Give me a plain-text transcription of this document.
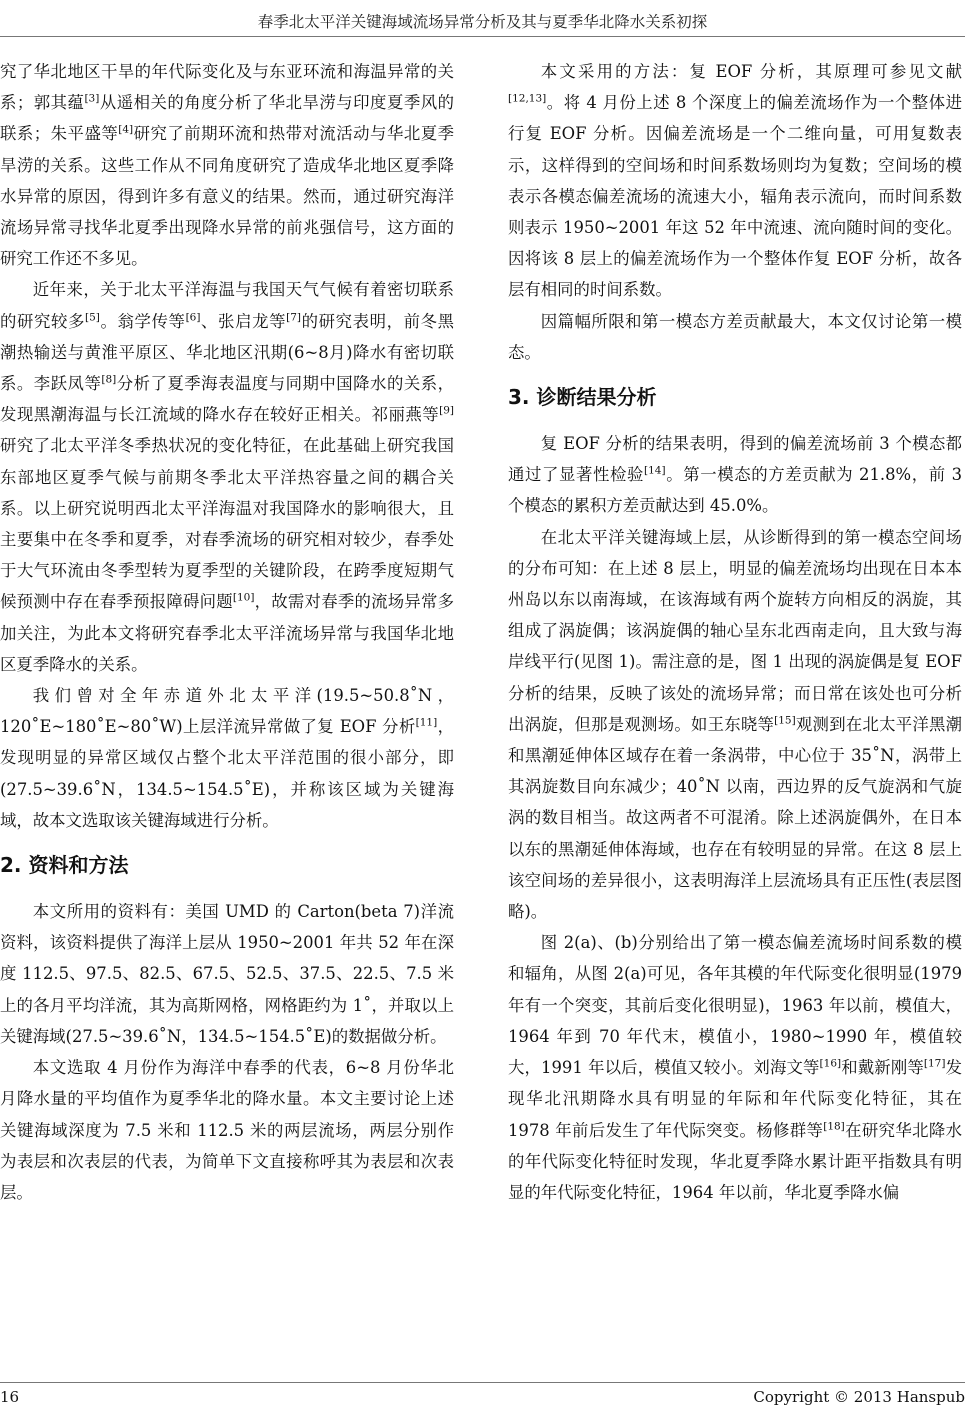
春季北太平洋关键海域流场异常分析及其与夏季华北降水关系初探

究了华北地区干旱的年代际变化及与东亚环流和海温异常的关系；郭其蕴[3]从遥相关的角度分析了华北旱涝与印度夏季风的联系；朱平盛等[4]研究了前期环流和热带对流活动与华北夏季旱涝的关系。这些工作从不同角度研究了造成华北地区夏季降水异常的原因，得到许多有意义的结果。然而，通过研究海洋流场异常寻找华北夏季出现降水异常的前兆强信号，这方面的研究工作还不多见。

近年来，关于北太平洋海温与我国天气气候有着密切联系的研究较多[5]。翁学传等[6]、张启龙等[7]的研究表明，前冬黑潮热输送与黄淮平原区、华北地区汛期(6~8月)降水有密切联系。李跃凤等[8]分析了夏季海表温度与同期中国降水的关系，发现黑潮海温与长江流域的降水存在较好正相关。祁丽燕等[9]研究了北太平洋冬季热状况的变化特征，在此基础上研究我国东部地区夏季气候与前期冬季北太平洋热容量之间的耦合关系。以上研究说明西北太平洋海温对我国降水的影响很大，且主要集中在冬季和夏季，对春季流场的研究相对较少，春季处于大气环流由冬季型转为夏季型的关键阶段，在跨季度短期气候预测中存在春季预报障碍问题[10]，故需对春季的流场异常多加关注，为此本文将研究春季北太平洋流场异常与我国华北地区夏季降水的关系。

我们曾对全年赤道外北太平洋(19.5~50.8˚N，120˚E~180˚E~80˚W)上层洋流异常做了复 EOF 分析[11]，发现明显的异常区域仅占整个北太平洋范围的很小部分，即(27.5~39.6˚N，134.5~154.5˚E)，并称该区域为关键海域，故本文选取该关键海域进行分析。

2. 资料和方法

本文所用的资料有：美国 UMD 的 Carton(beta 7)洋流资料，该资料提供了海洋上层从 1950~2001 年共 52 年在深度 112.5、97.5、82.5、67.5、52.5、37.5、22.5、7.5 米上的各月平均洋流，其为高斯网格，网格距约为 1˚，并取以上关键海域(27.5~39.6˚N，134.5~154.5˚E)的数据做分析。

本文选取 4 月份作为海洋中春季的代表，6~8 月份华北月降水量的平均值作为夏季华北的降水量。本文主要讨论上述关键海域深度为 7.5 米和 112.5 米的两层流场，两层分别作为表层和次表层的代表，为简单下文直接称呼其为表层和次表层。

本文采用的方法：复 EOF 分析，其原理可参见文献[12,13]。将 4 月份上述 8 个深度上的偏差流场作为一个整体进行复 EOF 分析。因偏差流场是一个二维向量，可用复数表示，这样得到的空间场和时间系数场则均为复数；空间场的模表示各模态偏差流场的流速大小，辐角表示流向，而时间系数则表示 1950~2001 年这 52 年中流速、流向随时间的变化。因将该 8 层上的偏差流场作为一个整体作复 EOF 分析，故各层有相同的时间系数。

因篇幅所限和第一模态方差贡献最大，本文仅讨论第一模态。

3. 诊断结果分析

复 EOF 分析的结果表明，得到的偏差流场前 3 个模态都通过了显著性检验[14]。第一模态的方差贡献为 21.8%，前 3 个模态的累积方差贡献达到 45.0%。

在北太平洋关键海域上层，从诊断得到的第一模态空间场的分布可知：在上述 8 层上，明显的偏差流场均出现在日本本州岛以东以南海域，在该海域有两个旋转方向相反的涡旋，其组成了涡旋偶；该涡旋偶的轴心呈东北西南走向，且大致与海岸线平行(见图 1)。需注意的是，图 1 出现的涡旋偶是复 EOF 分析的结果，反映了该处的流场异常；而日常在该处也可分析出涡旋，但那是观测场。如王东晓等[15]观测到在北太平洋黑潮和黑潮延伸体区域存在着一条涡带，中心位于 35˚N，涡带上其涡旋数目向东减少；40˚N 以南，西边界的反气旋涡和气旋涡的数目相当。故这两者不可混淆。除上述涡旋偶外，在日本以东的黑潮延伸体海域，也存在有较明显的异常。在这 8 层上该空间场的差异很小，这表明海洋上层流场具有正压性(表层图略)。

图 2(a)、(b)分别给出了第一模态偏差流场时间系数的模和辐角，从图 2(a)可见，各年其模的年代际变化很明显(1979 年有一个突变，其前后变化很明显)，1963 年以前，模值大，1964 年到 70 年代末，模值小，1980~1990 年，模值较大，1991 年以后，模值又较小。刘海文等[16]和戴新刚等[17]发现华北汛期降水具有明显的年际和年代际变化特征，其在 1978 年前后发生了年代际突变。杨修群等[18]在研究华北降水的年代际变化特征时发现，华北夏季降水累计距平指数具有明显的年代际变化特征，1964 年以前，华北夏季降水偏

16	Copyright © 2013 Hanspub
